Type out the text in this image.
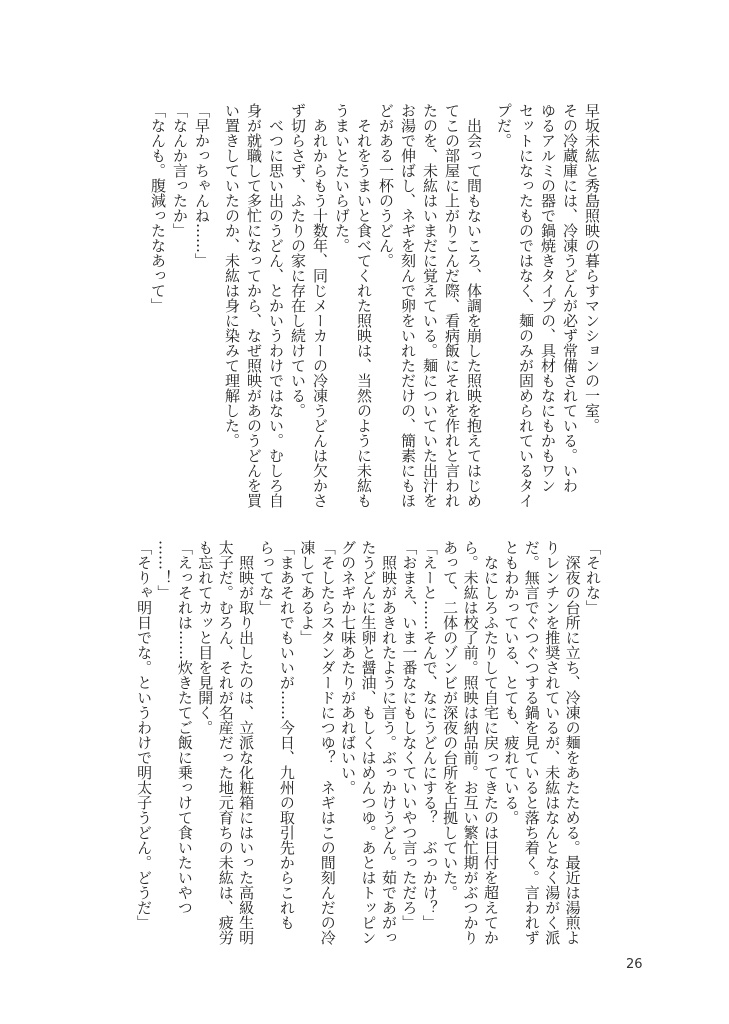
早坂未紘と秀島照映の暮らすマンションの一室。
その冷蔵庫には、冷凍うどんが必ず常備されている。いわ
ゆるアルミの器で鍋焼きタイプの、具材もなにもかもワン
セットになったものではなく、麺のみが固められているタイ
プだ。
　出会って間もないころ、体調を崩した照映を抱えてはじめ
てこの部屋に上がりこんだ際、看病飯にそれを作れと言われ
たのを、未紘はいまだに覚えている。麺についていた出汁を
お湯で伸ばし、ネギを刻んで卵をいれただけの、簡素にもほ
どがある一杯のうどん。
　それをうまいと食べてくれた照映は、当然のように未紘も
うまいとたいらげた。
　あれからもう十数年、同じメーカーの冷凍うどんは欠かさ
ず切らさず、ふたりの家に存在し続けている。
　べつに思い出のうどん、とかいうわけではない。むしろ自
身が就職して多忙になってから、なぜ照映があのうどんを買
い置きしていたのか、未紘は身に染みて理解した。
「早かっちゃんね……」
「なんか言ったか」
「なんも。腹減ったなあって」
「それな」
　深夜の台所に立ち、冷凍の麺をあたためる。最近は湯煎よ
りレンチンを推奨されているが、未紘はなんとなく湯がく派
だ。無言でぐつぐつする鍋を見ていると落ち着く。言われず
ともわかっている、とても、疲れている。
　なにしろふたりして自宅に戻ってきたのは日付を超えてか
ら。未紘は校了前。照映は納品前。お互い繁忙期がぶつかり
あって、二体のゾンビが深夜の台所を占拠していた。
「えーと……そんで、なにうどんにする？　ぶっかけ？」
「おまえ、いま一番なにもしなくていいやつ言っただろ」
　照映があきれたように言う。ぶっかけうどん。茹であがっ
たうどんに生卵と醤油、もしくはめんつゆ。あとはトッピン
グのネギか七味あたりがあればいい。
「そしたらスタンダードにつゆ？　ネギはこの間刻んだの冷
凍してあるよ」
「まあそれでもいいが……今日、九州の取引先からこれも
らってな」
　照映が取り出したのは、立派な化粧箱にはいった高級生明
太子だ。むろん、それが名産だった地元育ちの未紘は、疲労
も忘れてカッと目を見開く。
「えっそれは……炊きたてご飯に乗っけて食いたいやつ
……！」
「そりゃ明日でな。というわけで明太子うどん。どうだ」
26
